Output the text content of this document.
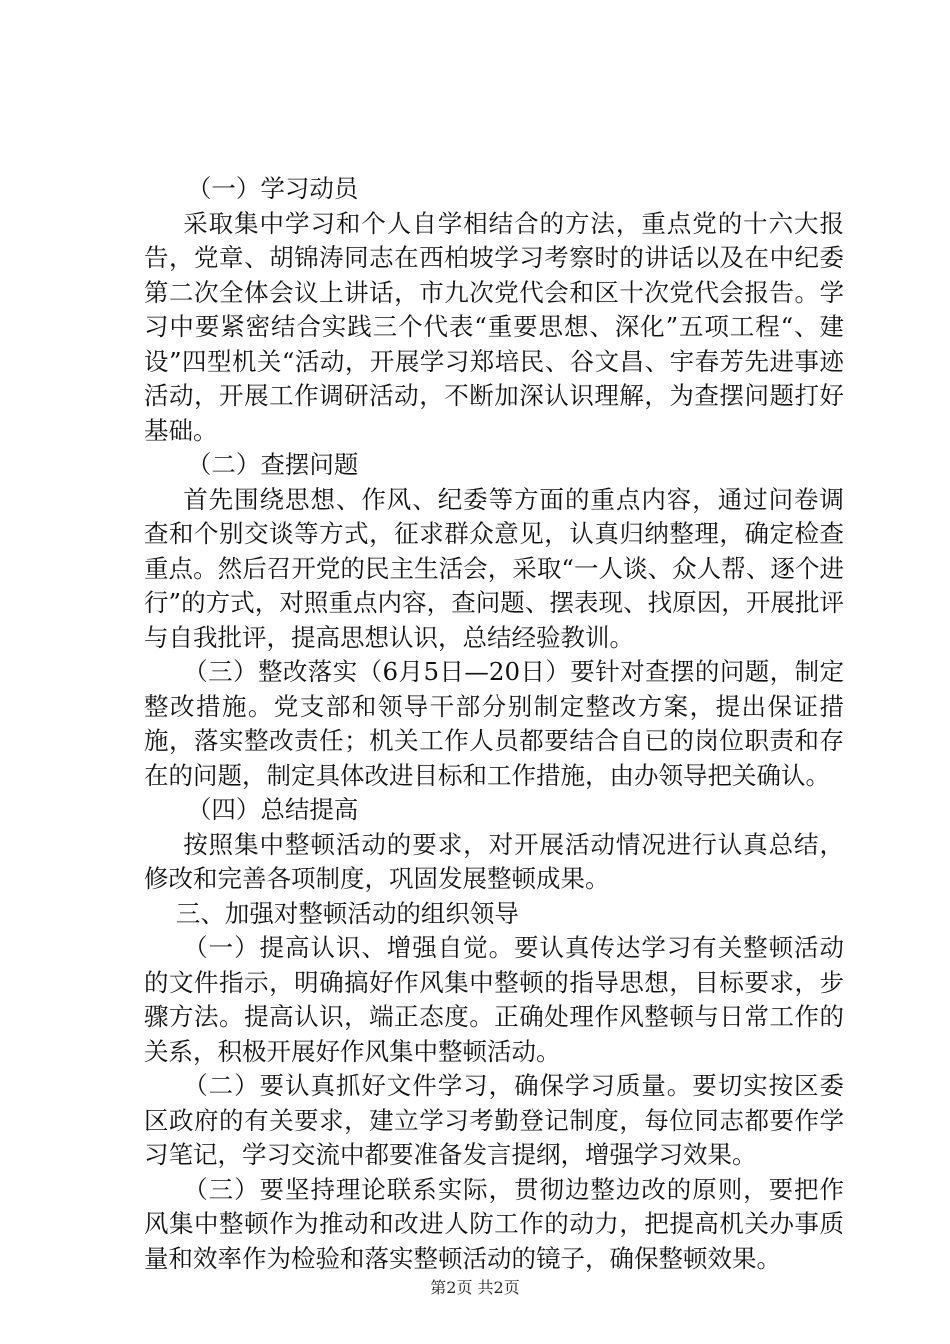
（一）学习动员

采取集中学习和个人自学相结合的方法，重点党的十六大报告，党章、胡锦涛同志在西柏坡学习考察时的讲话以及在中纪委第二次全体会议上讲话，市九次党代会和区十次党代会报告。学习中要紧密结合实践三个代表“重要思想、深化”五项工程“、建设”四型机关“活动，开展学习郑培民、谷文昌、宇春芳先进事迹活动，开展工作调研活动，不断加深认识理解，为查摆问题打好基础。

（二）查摆问题

首先围绕思想、作风、纪委等方面的重点内容，通过问卷调查和个别交谈等方式，征求群众意见，认真归纳整理，确定检查重点。然后召开党的民主生活会，采取“一人谈、众人帮、逐个进行”的方式，对照重点内容，查问题、摆表现、找原因，开展批评与自我批评，提高思想认识，总结经验教训。

（三）整改落实（6月5日—20日）要针对查摆的问题，制定整改措施。党支部和领导干部分别制定整改方案，提出保证措施，落实整改责任；机关工作人员都要结合自已的岗位职责和存在的问题，制定具体改进目标和工作措施，由办领导把关确认。

（四）总结提高

按照集中整顿活动的要求，对开展活动情况进行认真总结，修改和完善各项制度，巩固发展整顿成果。

三、加强对整顿活动的组织领导

（一）提高认识、增强自觉。要认真传达学习有关整顿活动的文件指示，明确搞好作风集中整顿的指导思想，目标要求，步骤方法。提高认识，端正态度。正确处理作风整顿与日常工作的关系，积极开展好作风集中整顿活动。

（二）要认真抓好文件学习，确保学习质量。要切实按区委区政府的有关要求，建立学习考勤登记制度，每位同志都要作学习笔记，学习交流中都要准备发言提纲，增强学习效果。

（三）要坚持理论联系实际，贯彻边整边改的原则，要把作风集中整顿作为推动和改进人防工作的动力，把提高机关办事质量和效率作为检验和落实整顿活动的镜子，确保整顿效果。

第2页 共2页
